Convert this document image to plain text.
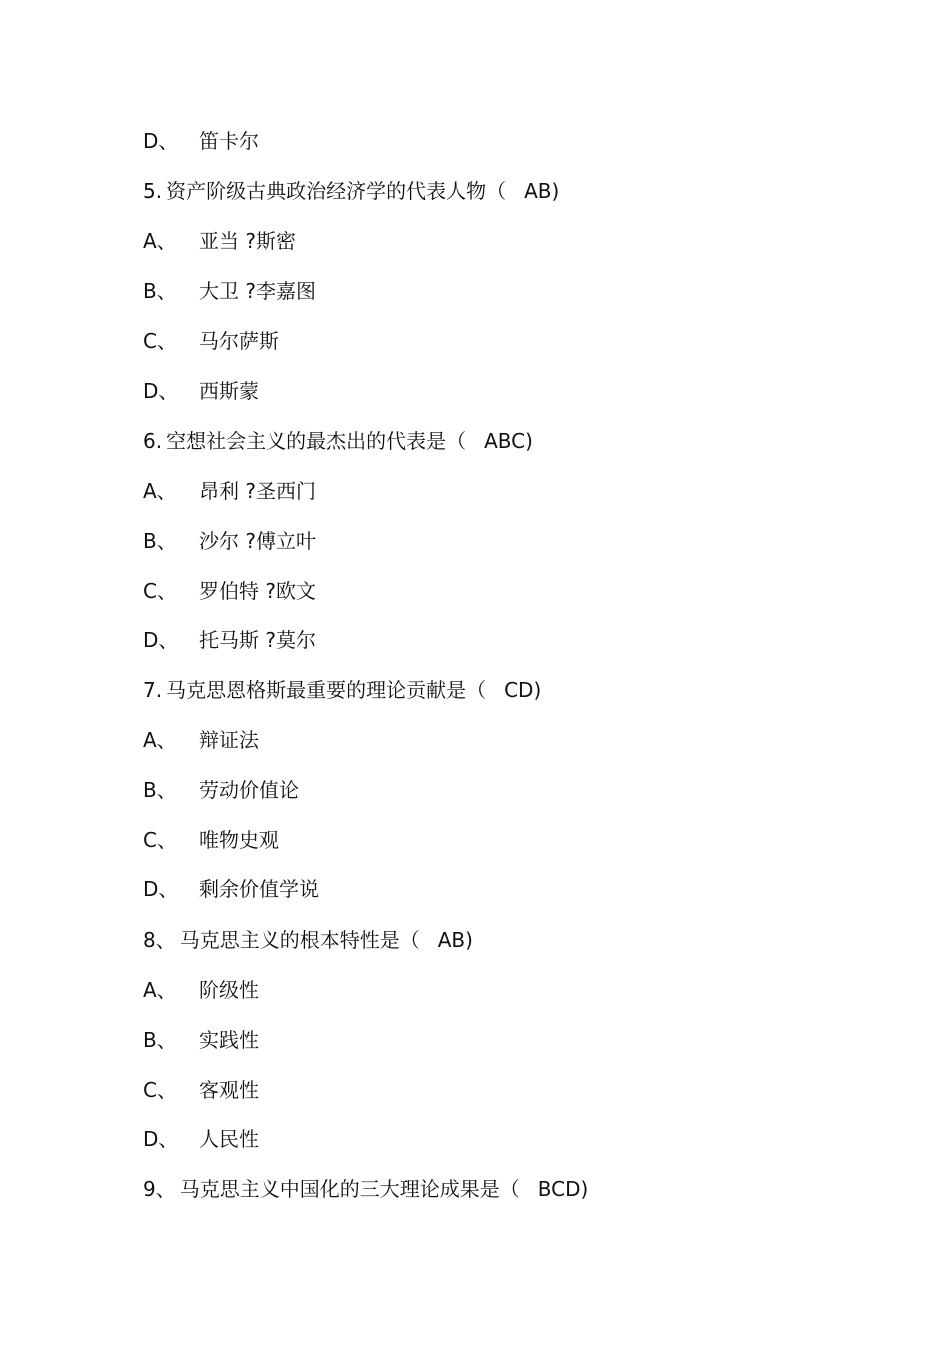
D、 笛卡尔
5. 资产阶级古典政治经济学的代表人物（ AB)
A、 亚当 ?斯密
B、 大卫 ?李嘉图
C、 马尔萨斯
D、 西斯蒙
6. 空想社会主义的最杰出的代表是（ ABC)
A、 昂利 ?圣西门
B、 沙尔 ?傅立叶
C、 罗伯特 ?欧文
D、 托马斯 ?莫尔
7. 马克思恩格斯最重要的理论贡献是（ CD)
A、 辩证法
B、 劳动价值论
C、 唯物史观
D、 剩余价值学说
8、 马克思主义的根本特性是（ AB)
A、 阶级性
B、 实践性
C、 客观性
D、 人民性
9、 马克思主义中国化的三大理论成果是（ BCD)
